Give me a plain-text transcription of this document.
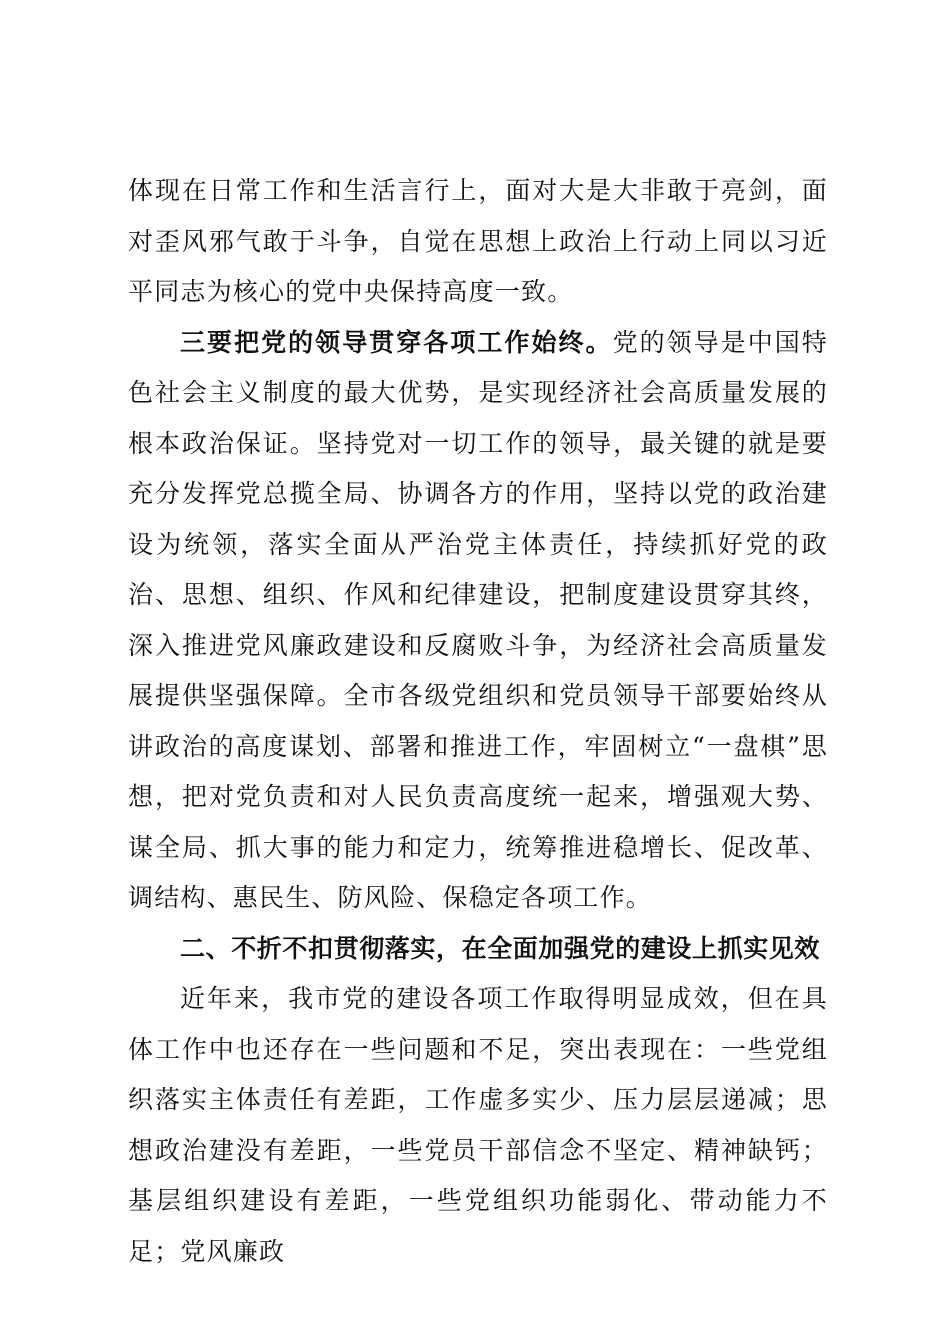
体现在日常工作和生活言行上，面对大是大非敢于亮剑，面对歪风邪气敢于斗争，自觉在思想上政治上行动上同以习近平同志为核心的党中央保持高度一致。

三要把党的领导贯穿各项工作始终。党的领导是中国特色社会主义制度的最大优势，是实现经济社会高质量发展的根本政治保证。坚持党对一切工作的领导，最关键的就是要充分发挥党总揽全局、协调各方的作用，坚持以党的政治建设为统领，落实全面从严治党主体责任，持续抓好党的政治、思想、组织、作风和纪律建设，把制度建设贯穿其终，深入推进党风廉政建设和反腐败斗争，为经济社会高质量发展提供坚强保障。全市各级党组织和党员领导干部要始终从讲政治的高度谋划、部署和推进工作，牢固树立“一盘棋”思想，把对党负责和对人民负责高度统一起来，增强观大势、谋全局、抓大事的能力和定力，统筹推进稳增长、促改革、调结构、惠民生、防风险、保稳定各项工作。

二、不折不扣贯彻落实，在全面加强党的建设上抓实见效

近年来，我市党的建设各项工作取得明显成效，但在具体工作中也还存在一些问题和不足，突出表现在：一些党组织落实主体责任有差距，工作虚多实少、压力层层递减；思想政治建没有差距，一些党员干部信念不坚定、精神缺钙；基层组织建设有差距，一些党组织功能弱化、带动能力不足；党风廉政
